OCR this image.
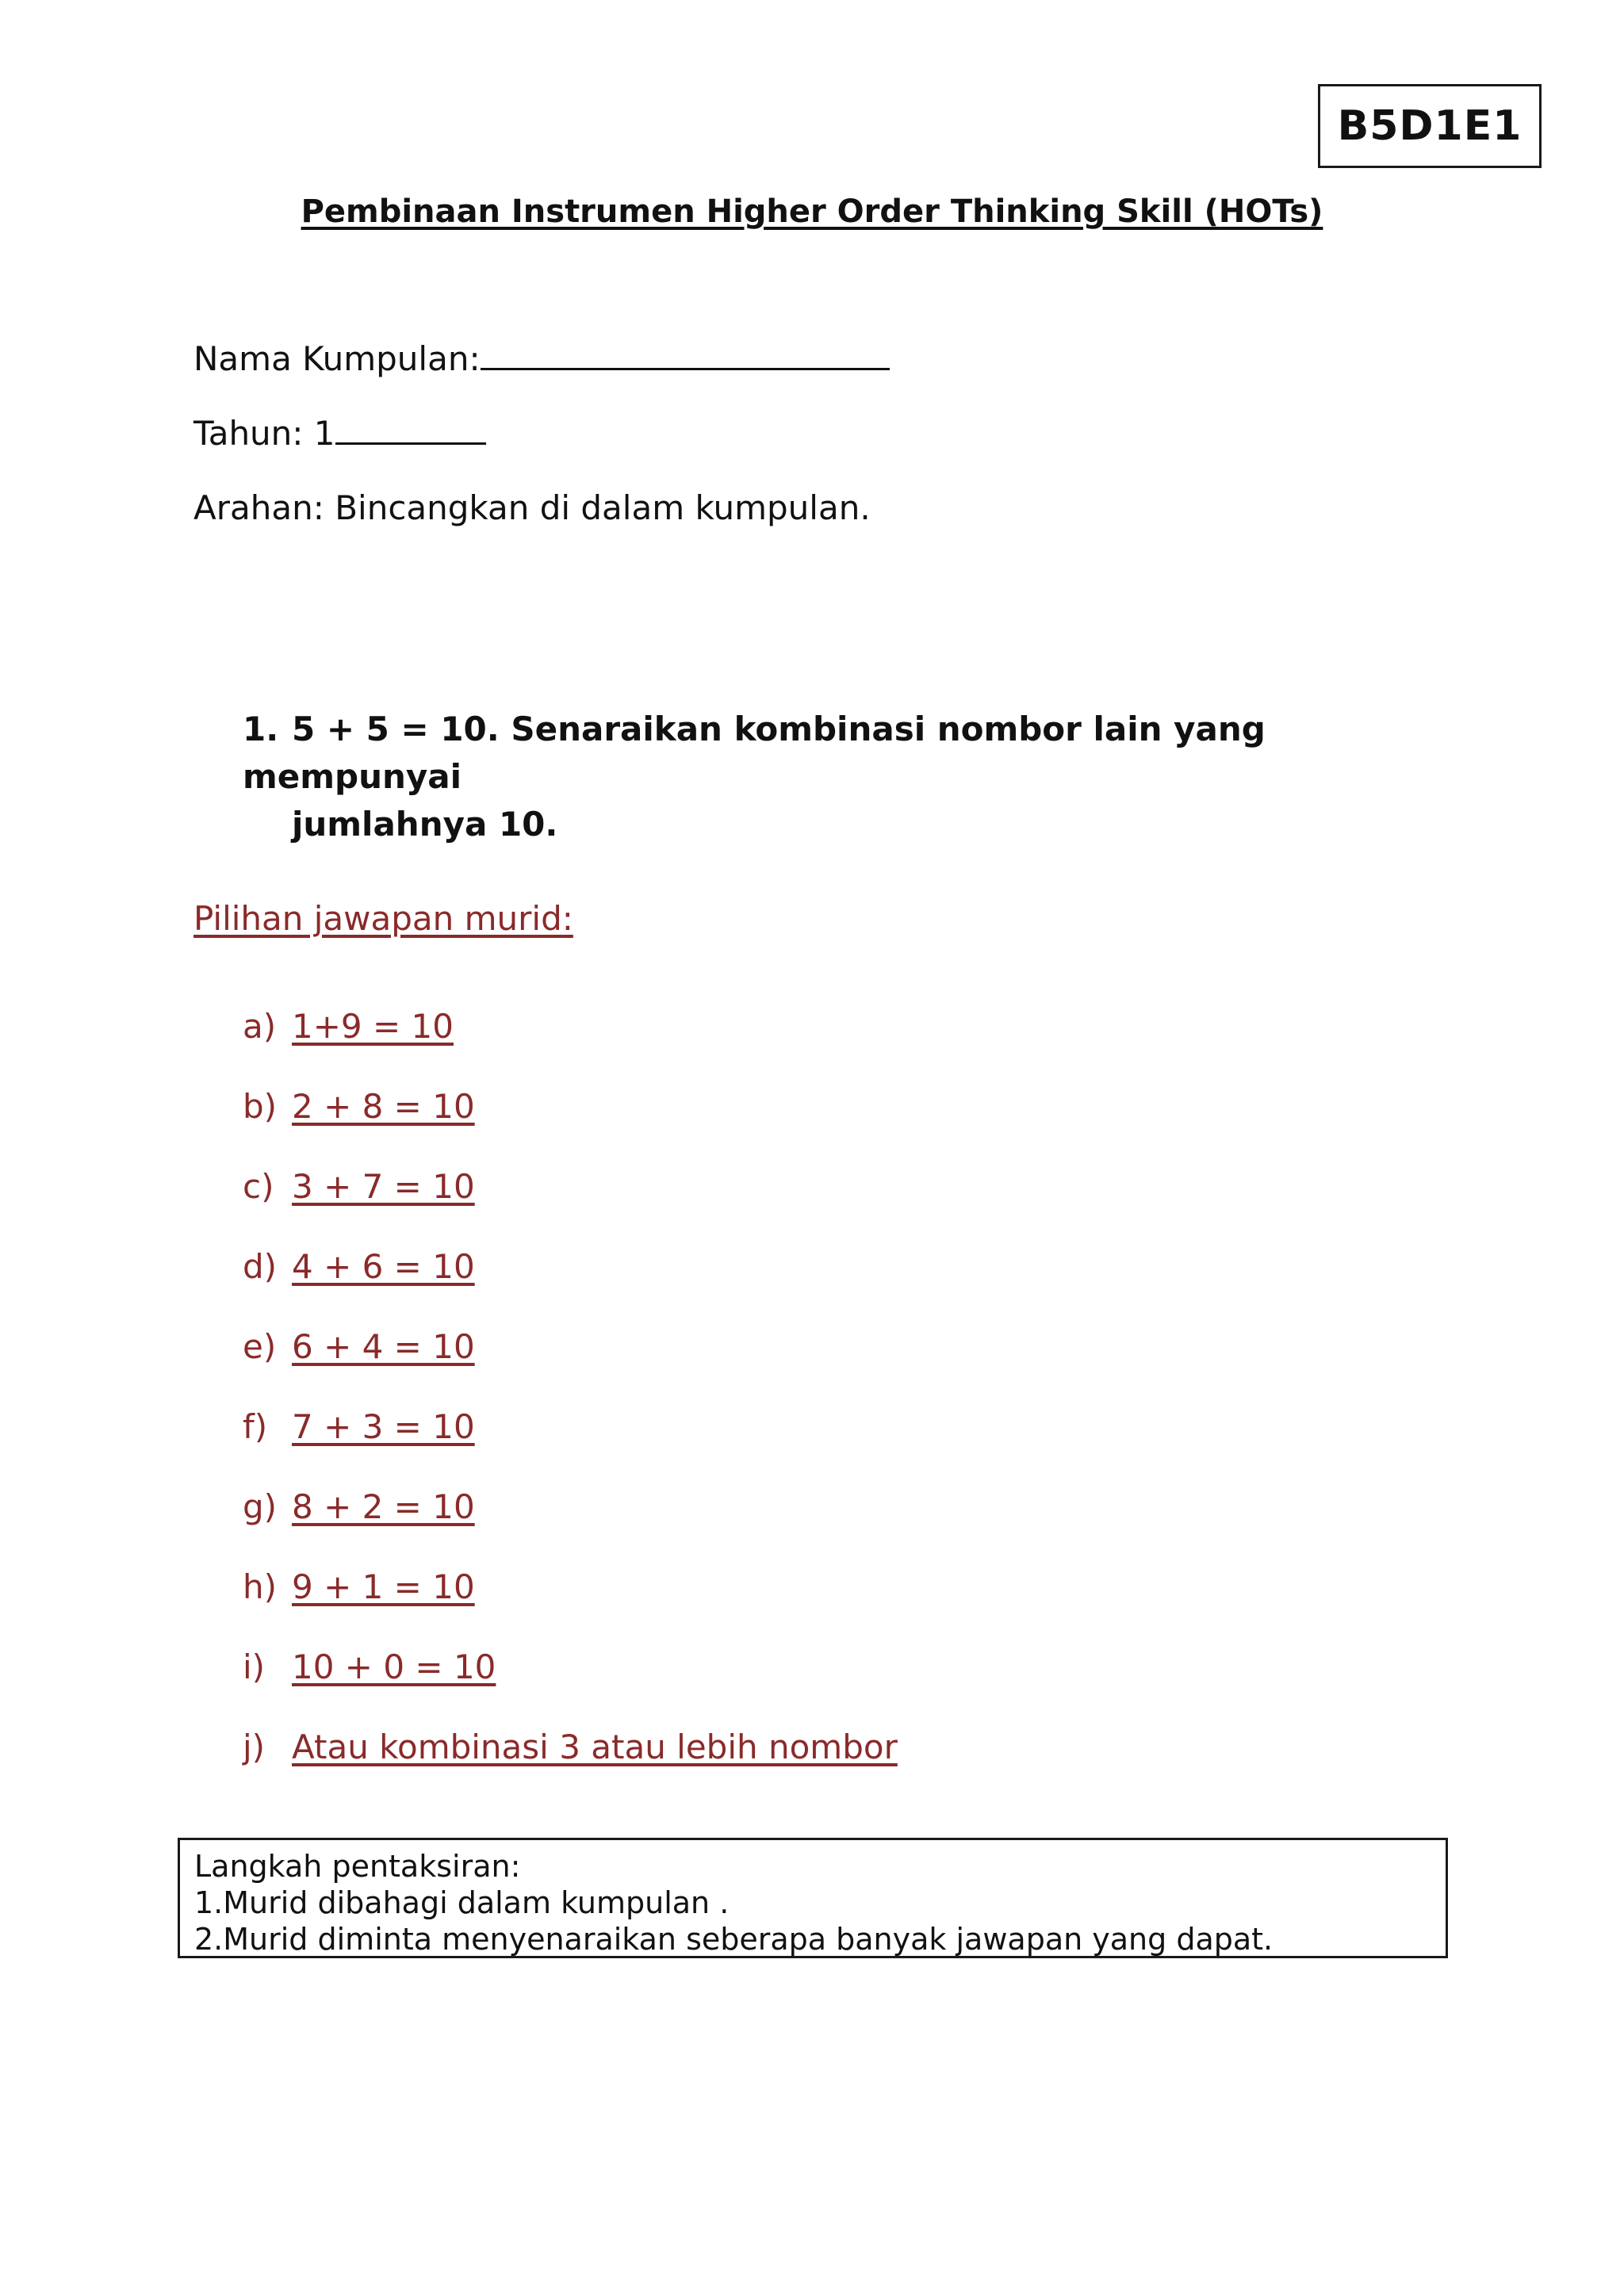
B5D1E1
Pembinaan Instrumen Higher Order Thinking Skill (HOTs)
Nama Kumpulan:
Tahun: 1
Arahan: Bincangkan di dalam kumpulan.
1. 5 + 5 = 10. Senaraikan kombinasi nombor lain yang mempunyai
jumlahnya 10.
Pilihan jawapan murid:
a) 1+9 = 10
b) 2 + 8 = 10
c) 3 + 7 = 10
d) 4 + 6 = 10
e) 6 + 4 = 10
f) 7 + 3 = 10
g) 8 + 2 = 10
h) 9 + 1 = 10
i) 10 + 0 = 10
j) Atau kombinasi 3 atau lebih nombor
Langkah pentaksiran:
1.Murid dibahagi dalam kumpulan .
2.Murid diminta menyenaraikan seberapa banyak jawapan yang dapat.
